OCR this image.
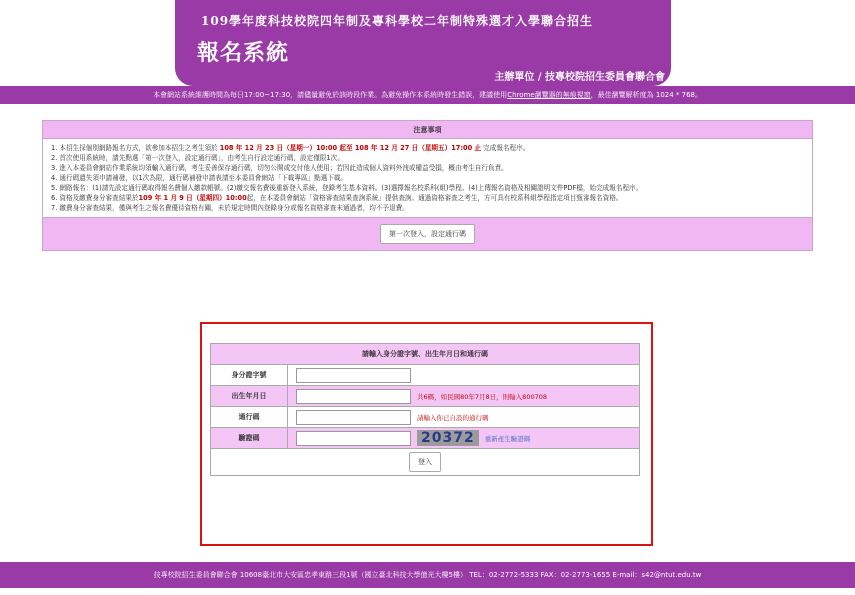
109學年度科技校院四年制及專科學校二年制特殊選才入學聯合招生
報名系統
主辦單位 / 技專校院招生委員會聯合會
本會網站系統維護時間為每日17:00~17:30，請儘量避免於該時段作業。為避免操作本系統時發生錯誤，建議使用Chrome瀏覽器的無痕視窗，最佳瀏覽解析度為 1024 * 768。
注意事項
1. 本招生採個別網路報名方式，欲參加本招生之考生須於 108 年 12 月 23 日（星期一）10:00 起至 108 年 12 月 27 日（星期五）17:00 止 完成報名程序。
2. 首次使用系統時，請先點選「第一次登入，設定通行碼」，由考生自行設定通行碼，設定僅限1次。
3. 進入本委員會網站作業系統均須輸入通行碼，考生妥善保存通行碼，切勿公開或交付他人使用；若因此造成個人資料外洩或權益受損，概由考生自行負責。
4. 通行碼遺失須申請補發，以1次為限，通行碼補發申請表請至本委員會網站「下載專區」點選下載。
5. 網路報名：(1)請先設定通行碼取得報名費個人繳款帳號。(2)繳交報名費後重新登入系統，登錄考生基本資料。(3)選擇報名校系科(組)學程。(4)上傳報名資格及相關證明文件PDF檔，始完成報名程序。
6. 資格及繳費身分審查結果於109 年 1 月 9 日（星期四）10:00起，在本委員會網站「資格審查結果查詢系統」提供查詢。通過資格審查之考生，方可具有校系科組學程指定項目甄審報名資格。
7. 繳費身分審查結果，僅與考生之報名費優待資格有關，未於規定時間內登錄身分或報名資格審查未通過者，均不予退費。
第一次登入，設定通行碼
請輸入身分證字號、出生年月日和通行碼
身分證字號
出生年月日	共6碼，如民國80年7月8日，則輸入800708
通行碼	請輸入你已自設的通行碼
驗證碼	20372	重新產生驗證碼
登入
技專校院招生委員會聯合會 10608臺北市大安區忠孝東路三段1號（國立臺北科技大學億光大樓5樓） TEL：02-2772-5333 FAX：02-2773-1655 E-mail：s42@ntut.edu.tw
